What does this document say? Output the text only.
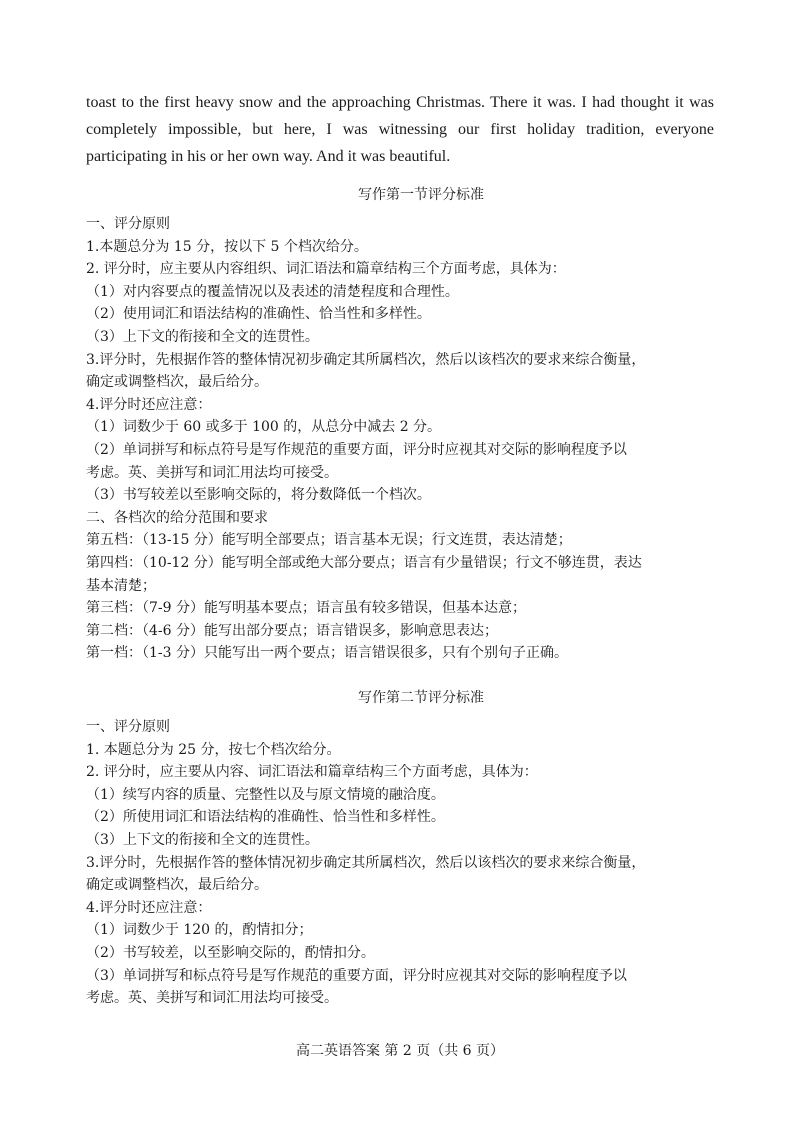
toast to the first heavy snow and the approaching Christmas. There it was. I had thought it was completely impossible, but here, I was witnessing our first holiday tradition, everyone participating in his or her own way. And it was beautiful.

写作第一节评分标准
一、评分原则
1.本题总分为 15 分，按以下 5 个档次给分。
2. 评分时，应主要从内容组织、词汇语法和篇章结构三个方面考虑，具体为：
（1）对内容要点的覆盖情况以及表述的清楚程度和合理性。
（2）使用词汇和语法结构的准确性、恰当性和多样性。
（3）上下文的衔接和全文的连贯性。
3.评分时，先根据作答的整体情况初步确定其所属档次，然后以该档次的要求来综合衡量，
确定或调整档次，最后给分。
4.评分时还应注意：
（1）词数少于 60 或多于 100 的，从总分中减去 2 分。
（2）单词拼写和标点符号是写作规范的重要方面，评分时应视其对交际的影响程度予以
考虑。英、美拼写和词汇用法均可接受。
（3）书写较差以至影响交际的，将分数降低一个档次。
二、各档次的给分范围和要求
第五档：（13-15 分）能写明全部要点；语言基本无误；行文连贯，表达清楚；
第四档：（10-12 分）能写明全部或绝大部分要点；语言有少量错误；行文不够连贯，表达
基本清楚；
第三档：（7-9 分）能写明基本要点；语言虽有较多错误，但基本达意；
第二档：（4-6 分）能写出部分要点；语言错误多，影响意思表达；
第一档：（1-3 分）只能写出一两个要点；语言错误很多，只有个别句子正确。
写作第二节评分标准
一、评分原则
1. 本题总分为 25 分，按七个档次给分。
2. 评分时，应主要从内容、词汇语法和篇章结构三个方面考虑，具体为：
（1）续写内容的质量、完整性以及与原文情境的融洽度。
（2）所使用词汇和语法结构的准确性、恰当性和多样性。
（3）上下文的衔接和全文的连贯性。
3.评分时，先根据作答的整体情况初步确定其所属档次，然后以该档次的要求来综合衡量，
确定或调整档次，最后给分。
4.评分时还应注意：
（1）词数少于 120 的，酌情扣分；
（2）书写较差，以至影响交际的，酌情扣分。
（3）单词拼写和标点符号是写作规范的重要方面，评分时应视其对交际的影响程度予以
考虑。英、美拼写和词汇用法均可接受。
高二英语答案 第 2 页（共 6 页）
